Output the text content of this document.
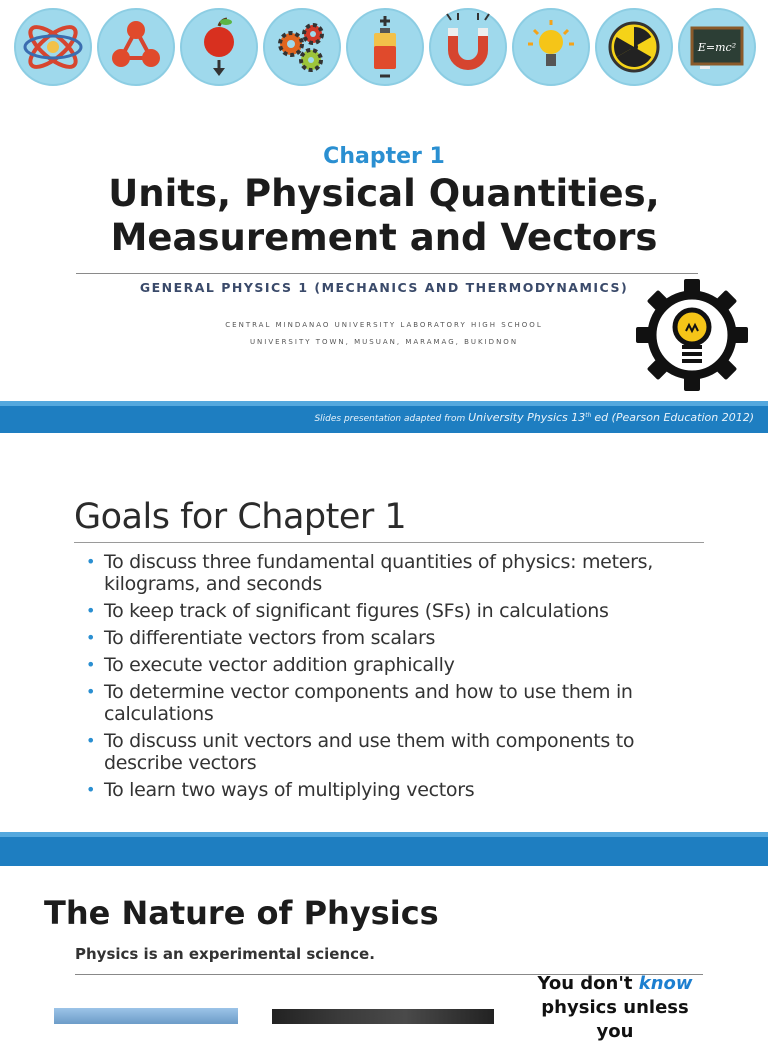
E=mc²
Chapter 1
Units, Physical Quantities,
Measurement and Vectors
GENERAL PHYSICS 1 (MECHANICS AND THERMODYNAMICS)
CENTRAL MINDANAO UNIVERSITY LABORATORY HIGH SCHOOL
UNIVERSITY TOWN, MUSUAN, MARAMAG, BUKIDNON
Slides presentation adapted from University Physics 13th ed (Pearson Education 2012)
Goals for Chapter 1
• To discuss three fundamental quantities of physics: meters, kilograms, and seconds
• To keep track of significant figures (SFs) in calculations
• To differentiate vectors from scalars
• To execute vector addition graphically
• To determine vector components and how to use them in calculations
• To discuss unit vectors and use them with components to describe vectors
• To learn two ways of multiplying vectors
The Nature of Physics
Physics is an experimental science.
You don't know
physics unless you
